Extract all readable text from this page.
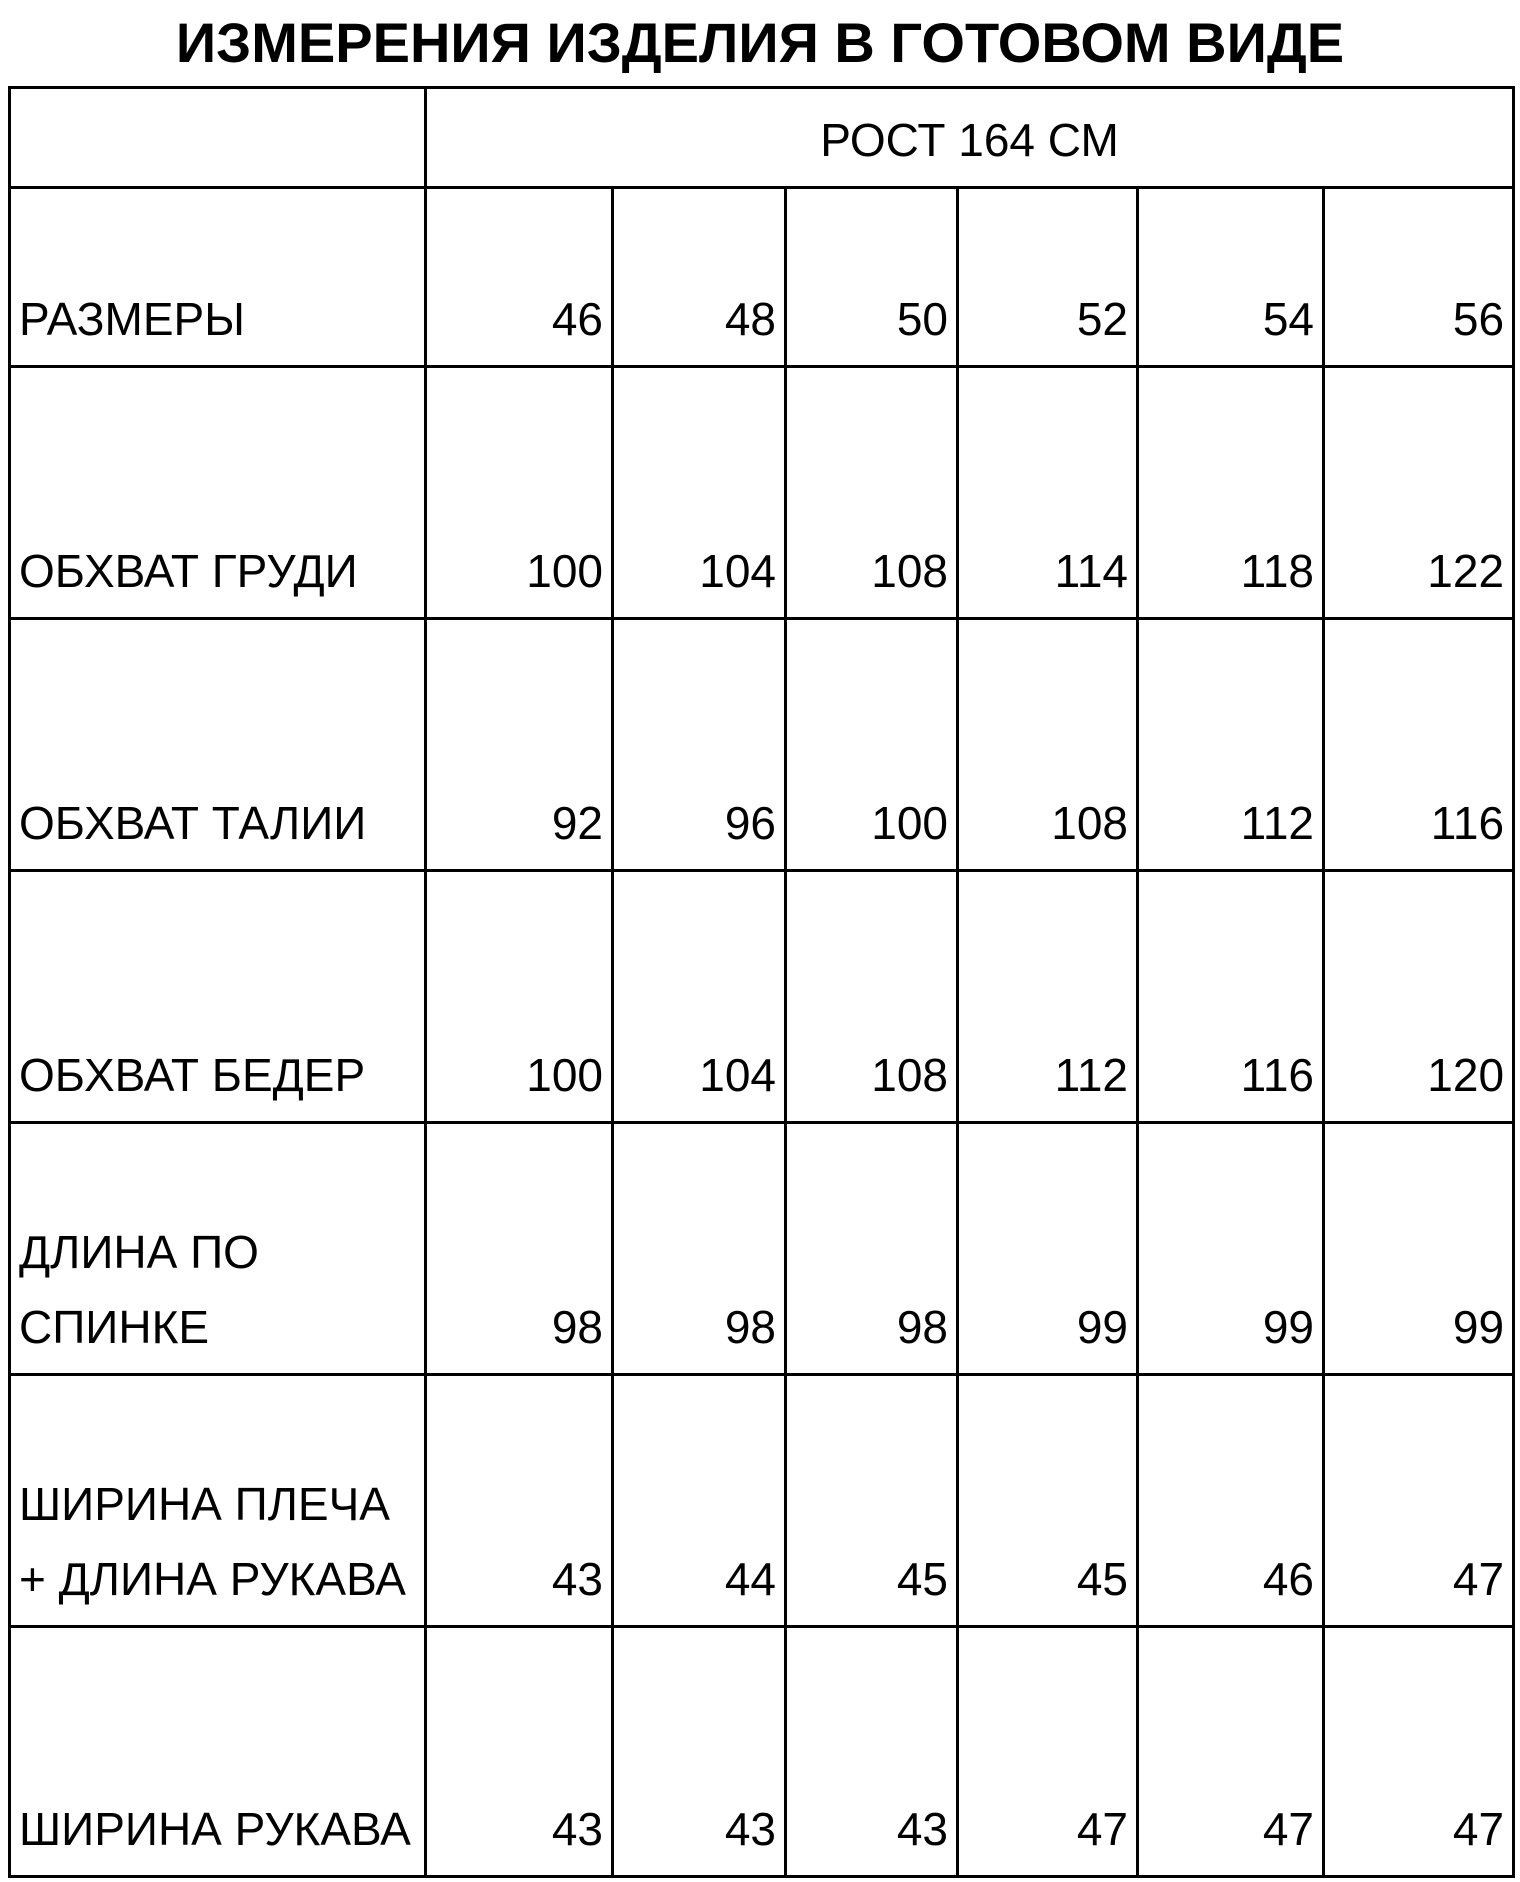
ИЗМЕРЕНИЯ ИЗДЕЛИЯ В ГОТОВОМ ВИДЕ
	РОСТ 164 СМ					
РАЗМЕРЫ	46	48	50	52	54	56
ОБХВАТ ГРУДИ	100	104	108	114	118	122
ОБХВАТ ТАЛИИ	92	96	100	108	112	116
ОБХВАТ БЕДЕР	100	104	108	112	116	120
ДЛИНА ПО СПИНКЕ	98	98	98	99	99	99
ШИРИНА ПЛЕЧА + ДЛИНА РУКАВА	43	44	45	45	46	47
ШИРИНА РУКАВА	43	43	43	47	47	47
